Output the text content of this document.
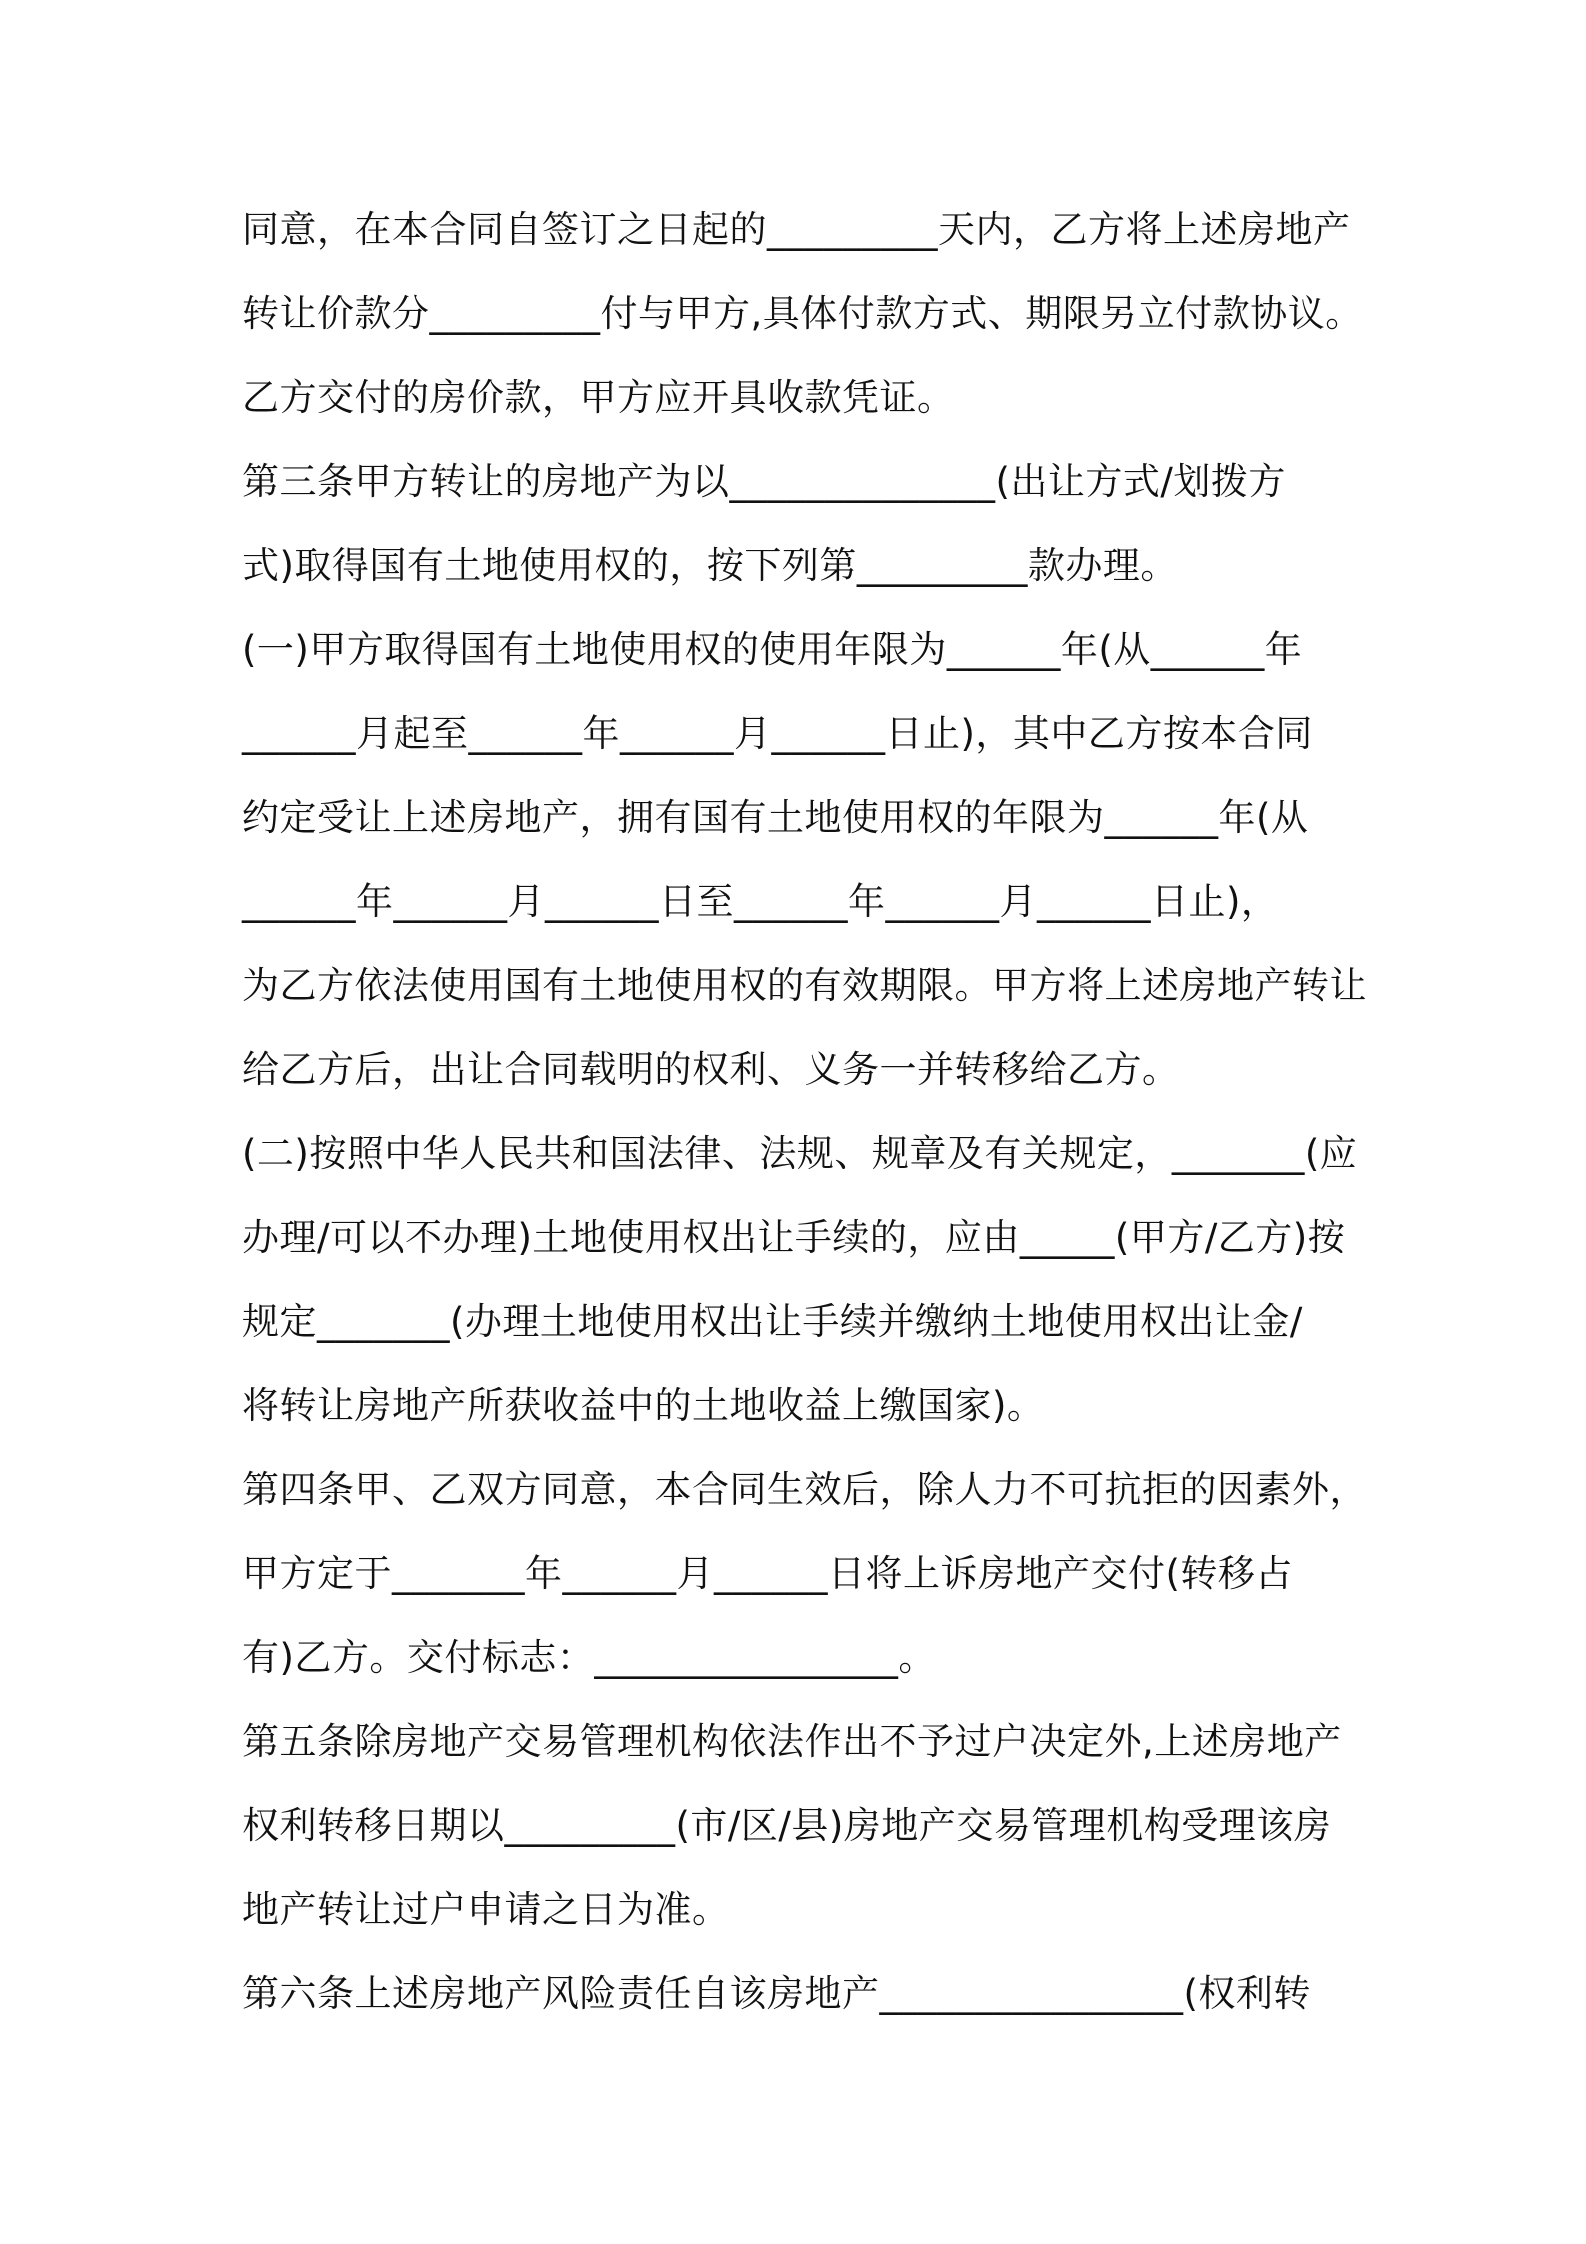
同意，在本合同自签订之日起的_________天内，乙方将上述房地产
转让价款分_________付与甲方,具体付款方式、期限另立付款协议。
乙方交付的房价款，甲方应开具收款凭证。
第三条甲方转让的房地产为以______________(出让方式/划拨方
式)取得国有土地使用权的，按下列第_________款办理。
(一)甲方取得国有土地使用权的使用年限为______年(从______年
______月起至______年______月______日止)，其中乙方按本合同
约定受让上述房地产，拥有国有土地使用权的年限为______年(从
______年______月______日至______年______月______日止)，
为乙方依法使用国有土地使用权的有效期限。甲方将上述房地产转让
给乙方后，出让合同载明的权利、义务一并转移给乙方。
(二)按照中华人民共和国法律、法规、规章及有关规定，_______(应
办理/可以不办理)土地使用权出让手续的，应由_____(甲方/乙方)按
规定_______(办理土地使用权出让手续并缴纳土地使用权出让金/
将转让房地产所获收益中的土地收益上缴国家)。
第四条甲、乙双方同意，本合同生效后，除人力不可抗拒的因素外，
甲方定于_______年______月______日将上诉房地产交付(转移占
有)乙方。交付标志：________________。
第五条除房地产交易管理机构依法作出不予过户决定外,上述房地产
权利转移日期以_________(市/区/县)房地产交易管理机构受理该房
地产转让过户申请之日为准。
第六条上述房地产风险责任自该房地产________________(权利转
